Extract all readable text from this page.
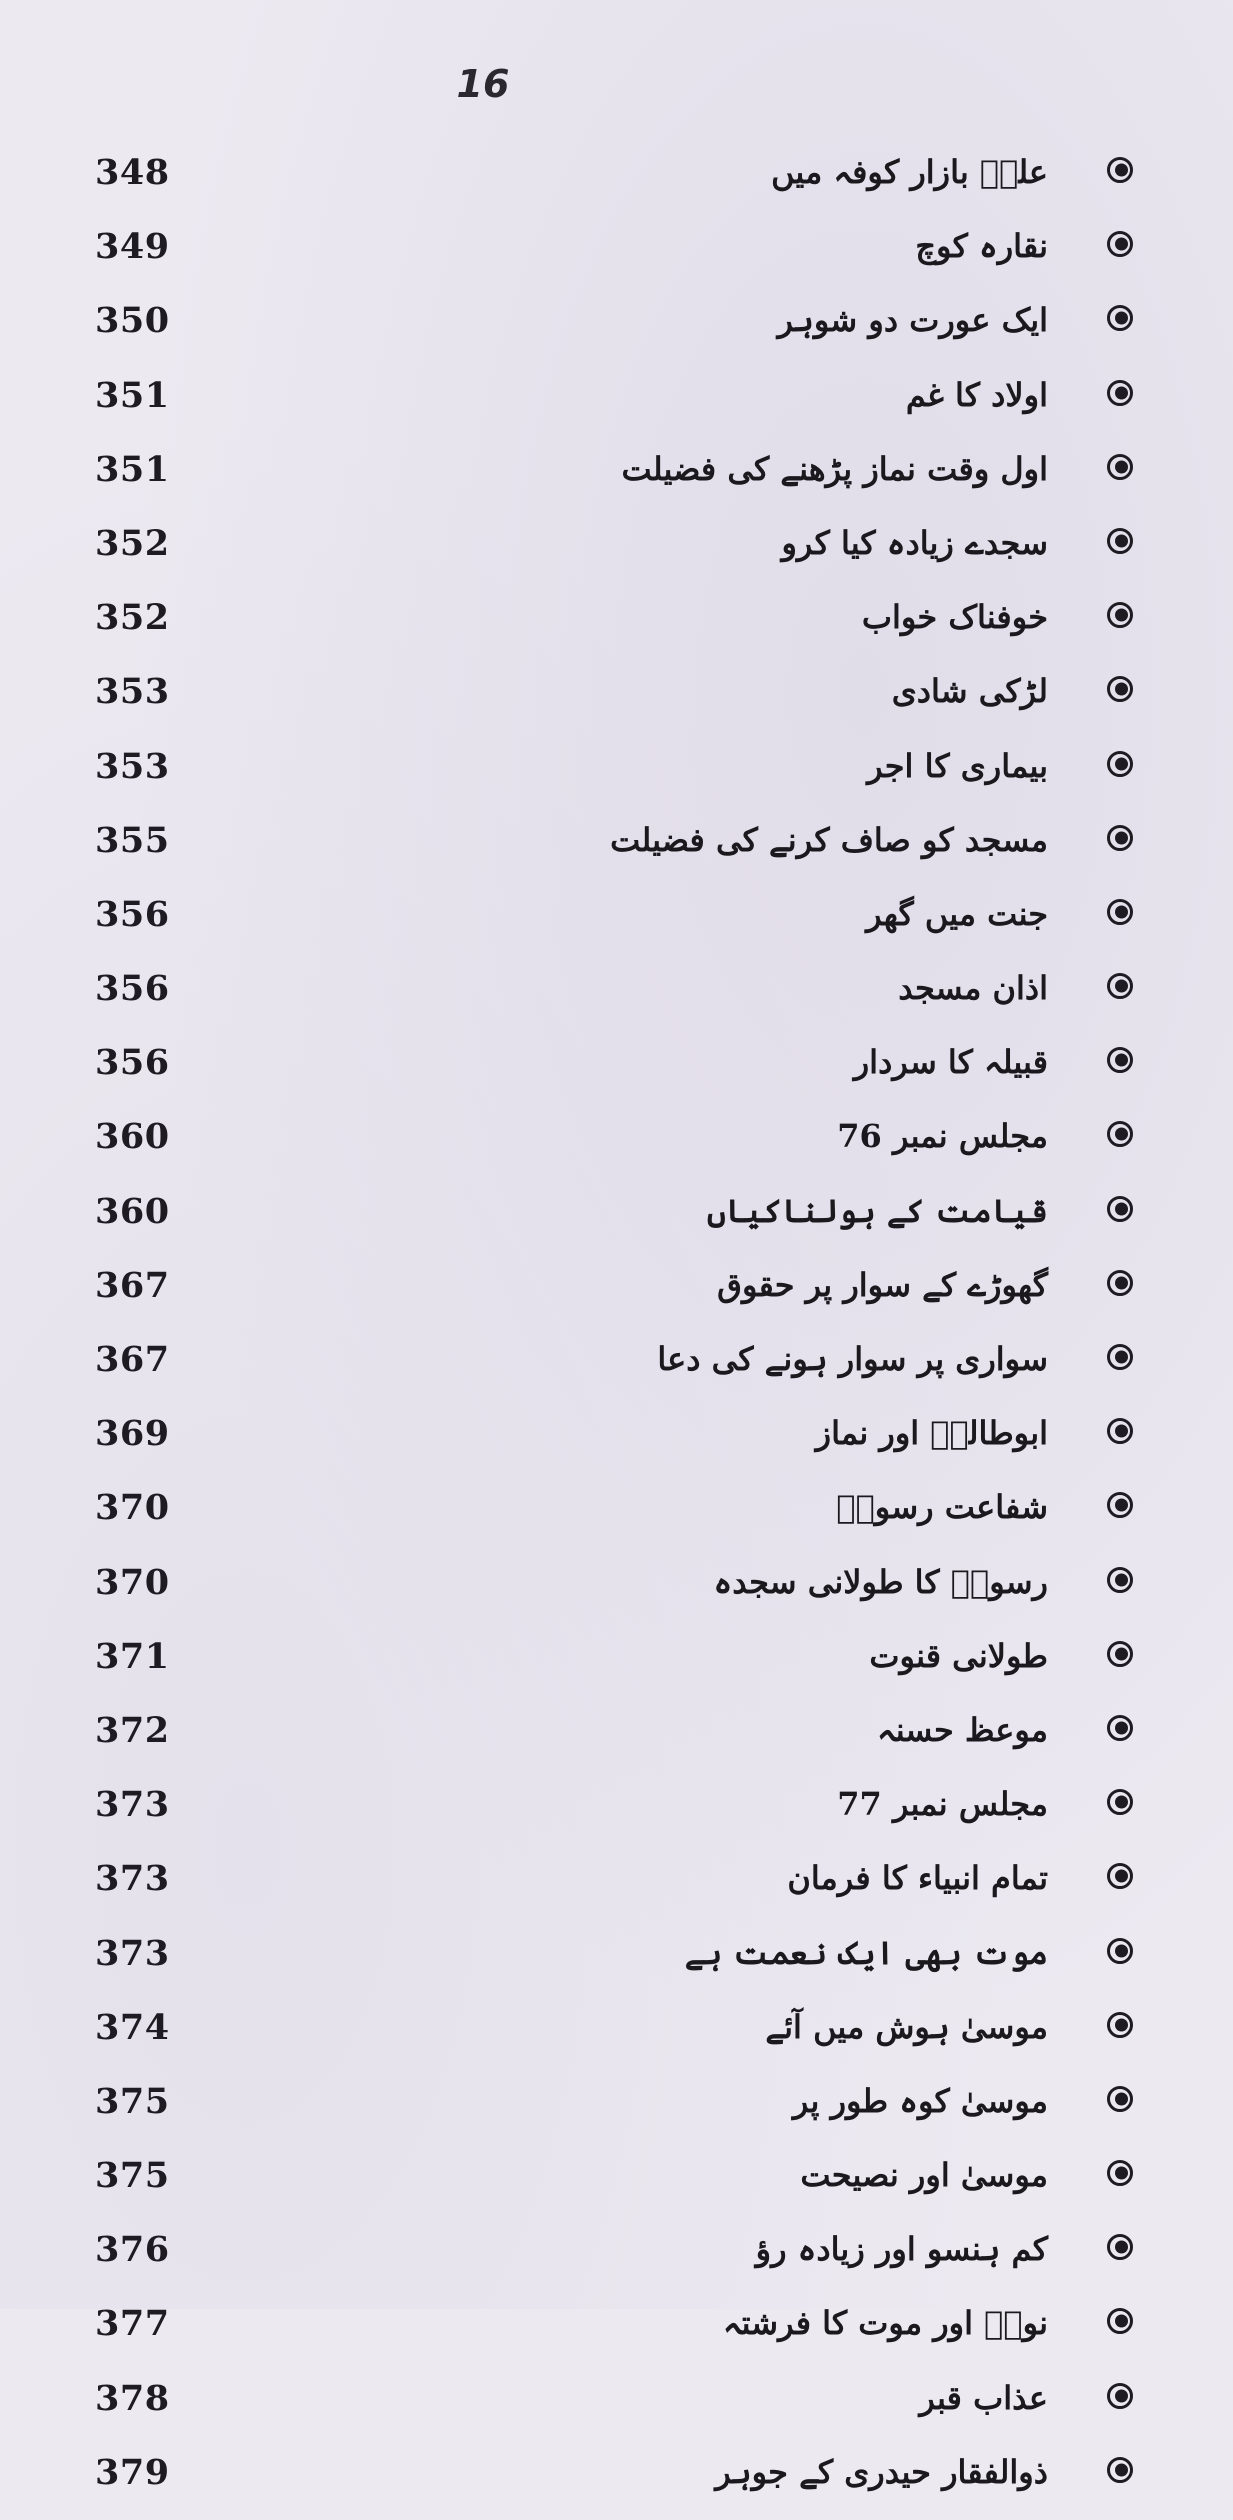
16
348	علیؑ بازار کوفہ میں
349	نقارہ کوچ
350	ایک عورت دو شوہر
351	اولاد کا غم
351	اول وقت نماز پڑھنے کی فضیلت
352	سجدے زیادہ کیا کرو
352	خوفناک خواب
353	لڑکی شادی
353	بیماری کا اجر
355	مسجد کو صاف کرنے کی فضیلت
356	جنت میں گھر
356	اذان مسجد
356	قبیلہ کا سردار
360	مجلس نمبر 76
360	قیامت کے ہولناکیاں
367	گھوڑے کے سوار پر حقوق
367	سواری پر سوار ہونے کی دعا
369	ابوطالبؑ اور نماز
370	شفاعت رسولؐ
370	رسولؐ کا طولانی سجدہ
371	طولانی قنوت
372	موعظ حسنہ
373	مجلس نمبر 77
373	تمام انبیاء کا فرمان
373	موت بھی ایک نعمت ہے
374	موسیٰ ہوش میں آئے
375	موسیٰ کوہ طور پر
375	موسیٰ اور نصیحت
376	کم ہنسو اور زیادہ رؤ
377	نوحؑ اور موت کا فرشتہ
378	عذاب قبر
379	ذوالفقار حیدری کے جوہر
